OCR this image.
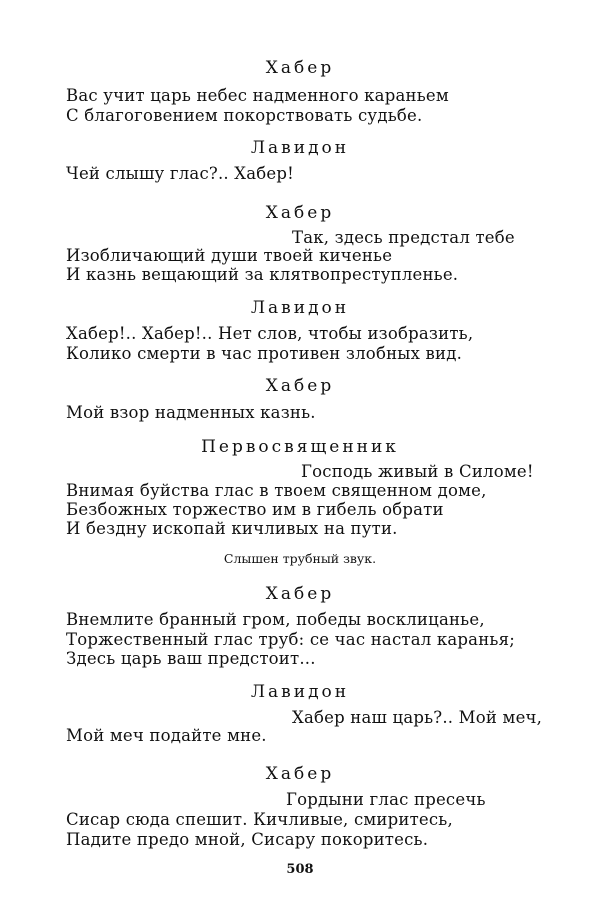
Хабер
Вас учит царь небес надменного караньем
С благоговением покорствовать судьбе.
Лавидон
Чей слышу глас?.. Хабер!
Хабер
Так, здесь предстал тебе
Изобличающий души твоей киченье
И казнь вещающий за клятвопреступленье.
Лавидон
Хабер!.. Хабер!.. Нет слов, чтобы изобразить,
Колико смерти в час противен злобных вид.
Хабер
Мой взор надменных казнь.
Первосвященник
Господь живый в Силоме!
Внимая буйства глас в твоем священном доме,
Безбожных торжество им в гибель обрати
И бездну ископай кичливых на пути.
Слышен трубный звук.
Хабер
Внемлите бранный гром, победы восклицанье,
Торжественный глас труб: се час настал каранья;
Здесь царь ваш предстоит...
Лавидон
Хабер наш царь?.. Мой меч,
Мой меч подайте мне.
Хабер
Гордыни глас пресечь
Сисар сюда спешит. Кичливые, смиритесь,
Падите предо мной, Сисару покоритесь.
508
